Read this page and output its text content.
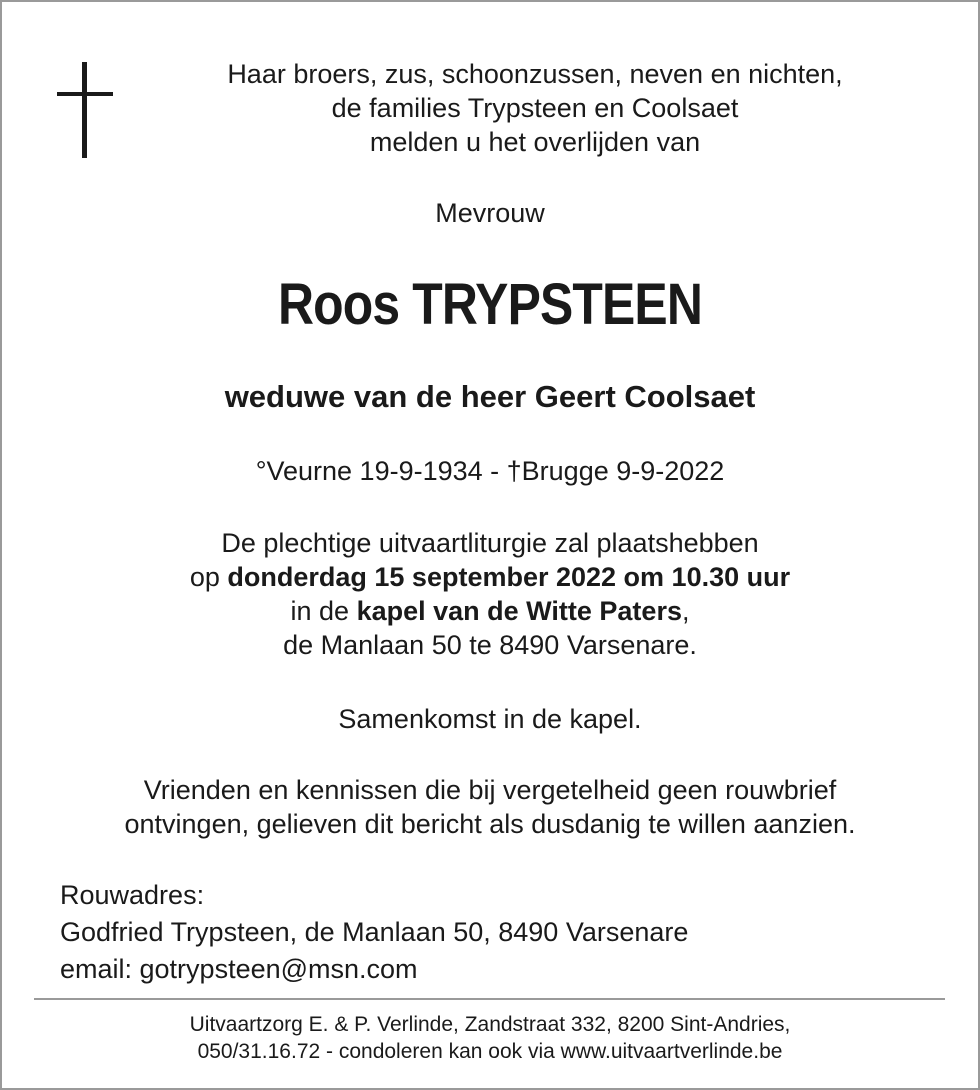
Haar broers, zus, schoonzussen, neven en nichten,
de families Trypsteen en Coolsaet
melden u het overlijden van
Mevrouw
Roos TRYPSTEEN
weduwe van de heer Geert Coolsaet
°Veurne 19-9-1934 - †Brugge 9-9-2022
De plechtige uitvaartliturgie zal plaatshebben
op donderdag 15 september 2022 om 10.30 uur
in de kapel van de Witte Paters,
de Manlaan 50 te 8490 Varsenare.
Samenkomst in de kapel.
Vrienden en kennissen die bij vergetelheid geen rouwbrief
ontvingen, gelieven dit bericht als dusdanig te willen aanzien.
Rouwadres:
Godfried Trypsteen, de Manlaan 50, 8490 Varsenare
email: gotrypsteen@msn.com
Uitvaartzorg E. & P. Verlinde, Zandstraat 332, 8200 Sint-Andries,
050/31.16.72 - condoleren kan ook via www.uitvaartverlinde.be
